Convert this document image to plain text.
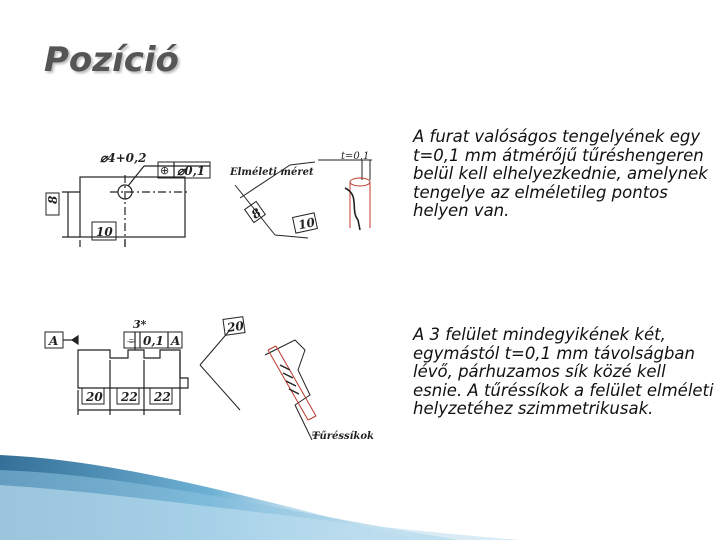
Pozíció

A furat valóságos tengelyének egy t=0,1 mm átmérőjű tűréshengeren belül kell elhelyezkednie, amelynek tengelye az elméletileg pontos helyen van.

A 3 felület mindegyikének két, egymástól t=0,1 mm távolságban lévő, párhuzamos sík közé kell esnie. A tűréssíkok a felület elméleti helyzetéhez szimmetrikusak.

⌀4+0,2
⊕ ⌀0,1
8
10
Elméleti méret
t=0,1
8
10
A
3*
⌯ 0,1 A
20 22 22
20
Tűréssíkok
